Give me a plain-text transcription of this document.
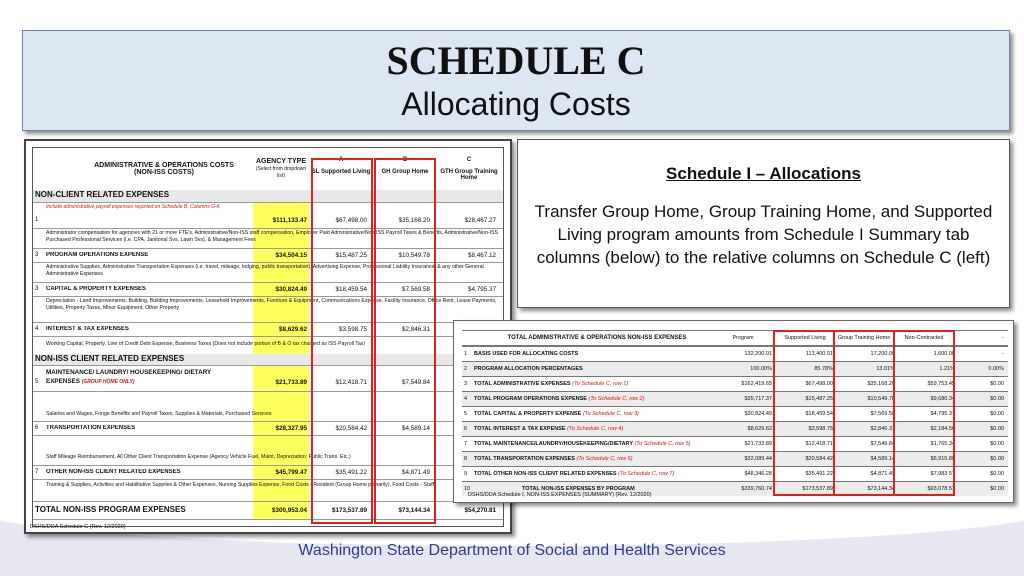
SCHEDULE C
Allocating Costs
ADMINISTRATIVE & OPERATIONS COSTS
(NON-ISS COSTS)
AGENCY TYPE
(Select from dropdown list)
A
SL Supported Living
B
GH Group Home
C
GTH Group Training Home
NON-CLIENT RELATED EXPENSES
1
Include administrative payroll expenses reported on Schedule B, Columns G-K
$111,133.47	$67,498.00	$35,168.20	$28,467.27
Administrator compensation for agencies with 21 or more FTE's, Administrative/Non-ISS staff compensation, Employer Paid Administrative/Non-ISS Payroll Taxes & Benefits, Administrative/Non-ISS Purchased Professional Services (i.e. CPA, Janitorial Svs, Lawn Svs), & Management Fees
3 PROGRAM OPERATIONS EXPENSE	$34,504.15	$15,487.25	$10,549.78	$8,467.12
Administrative Supplies, Administrative Transportation Expenses (i.e. travel, mileage, lodging, public transportation), Advertising Expense, Professional Liability Insurance, & any other General Administrative Expenses
3 CAPITAL & PROPERTY EXPENSES	$30,824.49	$18,459.54	$7,569.58	$4,795.37
Depreciation - Land Improvements, Building, Building Improvements, Leasehold Improvements, Furniture & Equipment, Communications Expense, Facility Insurance, Office Rent, Lease Payments, Utilities, Property Taxes, Minor Equipment, Other Property
4 INTEREST & TAX EXPENSES	$8,629.62	$3,598.75	$2,846.31
Working Capital, Property, Line of Credit Debt Expense, Business Taxes (Does not include portion of B & O tax charged as ISS Payroll Tax)
NON-ISS CLIENT RELATED EXPENSES
5
MAINTENANCE/ LAUNDRY/ HOUSEKEEPING/ DIETARY EXPENSES (GROUP HOME ONLY)	$21,733.89	$12,418.71	$7,549.84
Salaries and Wages, Fringe Benefits and Payroll Taxes, Supplies & Materials, Purchased Services
6 TRANSPORTATION EXPENSES	$28,327.95	$20,584.42	$4,589.14
Staff Mileage Reimbursement, All Other Client Transportation Expense (Agency Vehicle Fuel, Maint, Depreciation; Public Trans. Etc.)
7 OTHER NON-ISS CLIENT RELATED EXPENSES	$45,799.47	$35,491.22	$4,871.49
Training & Supplies, Activities and Habilitative Supplies & Other Expenses, Nursing Supplies Expense, Food Costs - Resident (Group Home primarily), Food Costs - Staff
TOTAL NON-ISS PROGRAM EXPENSES	$300,953.04	$173,537.89	$73,144.34	$54,270.81
DSHS/DDA Schedule C (Rev. 12/2020)
Schedule I – Allocations
Transfer Group Home, Group Training Home, and Supported Living program amounts from Schedule I Summary tab columns (below) to the relative columns on Schedule C (left)
TOTAL ADMINISTRATIVE & OPERATIONS NON-ISS EXPENSES	Program	Supported Living	Group Training Home	Non-Contracted	-
1 BASIS USED FOR ALLOCATING COSTS	132,200.01	113,400.01	17,200.00	1,600.00	-
2 PROGRAM ALLOCATION PERCENTAGES	100.00%	85.78%	13.01%	1.21%	0.00%
3 TOTAL ADMINISTRATIVE EXPENSES (To Schedule C, row 1)	$162,419.65	$67,498.00	$35,168.20	$59,753.45	$0.00
4 TOTAL PROGRAM OPERATIONS EXPENSE (To Schedule C, row 2)	$35,717.37	$15,487.25	$10,549.78	$9,680.34	$0.00
5 TOTAL CAPITAL & PROPERTY EXPENSE (To Schedule C, row 3)	$30,824.49	$18,459.54	$7,569.58	$4,795.37	$0.00
6 TOTAL INTEREST & TAX EXPENSE (To Schedule C, row 4)	$8,629.62	$3,598.75	$2,846.31	$2,184.56	$0.00
7 TOTAL MAINTENANCE/LAUNDRY/HOUSEKEEPING/DIETARY (To Schedule C, row 5)	$21,733.89	$12,418.71	$7,549.84	$1,765.34	$0.00
8 TOTAL TRANSPORTATION EXPENSES (To Schedule C, row 6)	$32,089.44	$20,584.42	$4,589.14	$6,915.88	$0.00
9 TOTAL OTHER NON-ISS CLIENT RELATED EXPENSES (To Schedule C, row 7)	$48,346.28	$35,491.22	$4,871.49	$7,983.57	$0.00
10	TOTAL NON-ISS EXPENSES BY PROGRAM	$339,760.74	$173,537.89	$73,144.34	$93,078.51	$0.00
DSHS/DDA Schedule I, NON-ISS EXPENSES (SUMMARY) (Rev. 12/2020)
Washington State Department of Social and Health Services
